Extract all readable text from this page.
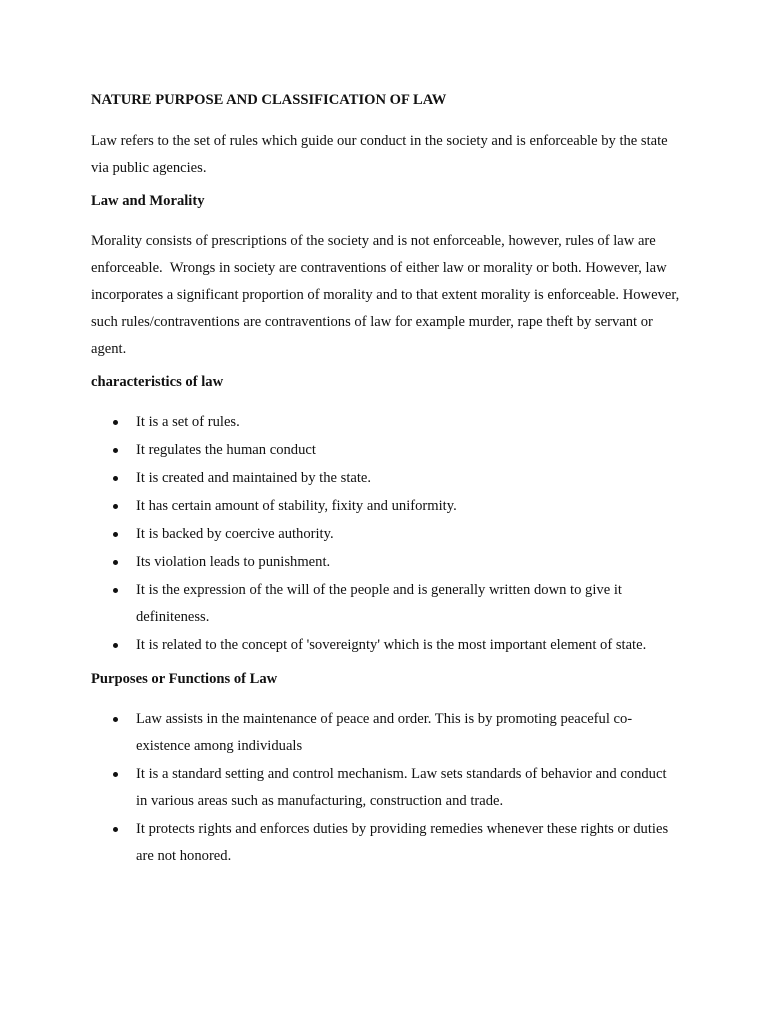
NATURE PURPOSE AND CLASSIFICATION OF LAW

Law refers to the set of rules which guide our conduct in the society and is enforceable by the state via public agencies.

Law and Morality

Morality consists of prescriptions of the society and is not enforceable, however, rules of law are enforceable.  Wrongs in society are contraventions of either law or morality or both. However, law incorporates a significant proportion of morality and to that extent morality is enforceable. However, such rules/contraventions are contraventions of law for example murder, rape theft by servant or agent.

characteristics of law

It is a set of rules.
It regulates the human conduct
It is created and maintained by the state.
It has certain amount of stability, fixity and uniformity.
It is backed by coercive authority.
Its violation leads to punishment.
It is the expression of the will of the people and is generally written down to give it definiteness.
It is related to the concept of 'sovereignty' which is the most important element of state.

Purposes or Functions of Law

Law assists in the maintenance of peace and order. This is by promoting peaceful co-existence among individuals
It is a standard setting and control mechanism. Law sets standards of behavior and conduct in various areas such as manufacturing, construction and trade.
It protects rights and enforces duties by providing remedies whenever these rights or duties are not honored.
